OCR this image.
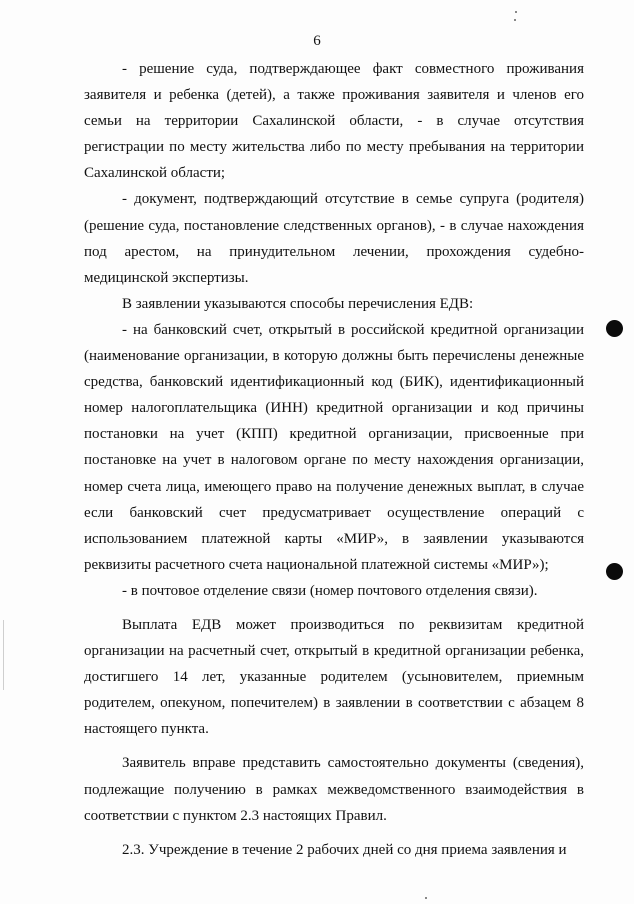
6

- решение суда, подтверждающее факт совместного проживания заявителя и ребенка (детей), а также проживания заявителя и членов его семьи на территории Сахалинской области, - в случае отсутствия регистрации по месту жительства либо по месту пребывания на территории Сахалинской области;

- документ, подтверждающий отсутствие в семье супруга (родителя) (решение суда, постановление следственных органов), - в случае нахождения под арестом, на принудительном лечении, прохождения судебно-медицинской экспертизы.

В заявлении указываются способы перечисления ЕДВ:

- на банковский счет, открытый в российской кредитной организации (наименование организации, в которую должны быть перечислены денежные средства, банковский идентификационный код (БИК), идентификационный номер налогоплательщика (ИНН) кредитной организации и код причины постановки на учет (КПП) кредитной организации, присвоенные при постановке на учет в налоговом органе по месту нахождения организации, номер счета лица, имеющего право на получение денежных выплат, в случае если банковский счет предусматривает осуществление операций с использованием платежной карты «МИР», в заявлении указываются реквизиты расчетного счета национальной платежной системы «МИР»);

- в почтовое отделение связи (номер почтового отделения связи).

Выплата ЕДВ может производиться по реквизитам кредитной организации на расчетный счет, открытый в кредитной организации ребенка, достигшего 14 лет, указанные родителем (усыновителем, приемным родителем, опекуном, попечителем) в заявлении в соответствии с абзацем 8 настоящего пункта.

Заявитель вправе представить самостоятельно документы (сведения), подлежащие получению в рамках межведомственного взаимодействия в соответствии с пунктом 2.3 настоящих Правил.

2.3. Учреждение в течение 2 рабочих дней со дня приема заявления и
